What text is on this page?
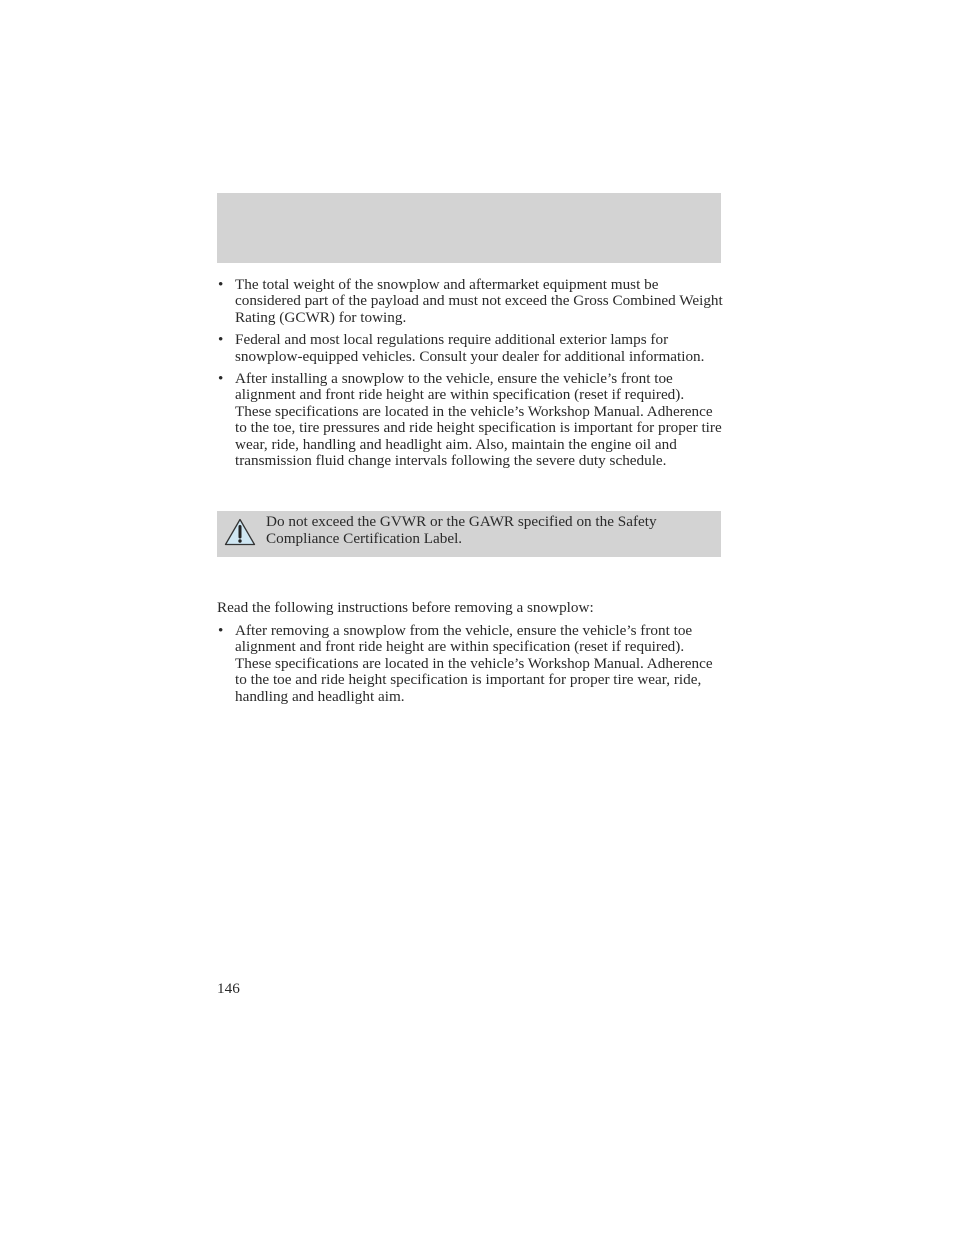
• The total weight of the snowplow and aftermarket equipment must be considered part of the payload and must not exceed the Gross Combined Weight Rating (GCWR) for towing.
• Federal and most local regulations require additional exterior lamps for snowplow-equipped vehicles. Consult your dealer for additional information.
• After installing a snowplow to the vehicle, ensure the vehicle’s front toe alignment and front ride height are within specification (reset if required). These specifications are located in the vehicle’s Workshop Manual. Adherence to the toe, tire pressures and ride height specification is important for proper tire wear, ride, handling and headlight aim. Also, maintain the engine oil and transmission fluid change intervals following the severe duty schedule.
Do not exceed the GVWR or the GAWR specified on the Safety Compliance Certification Label.
Read the following instructions before removing a snowplow:
• After removing a snowplow from the vehicle, ensure the vehicle’s front toe alignment and front ride height are within specification (reset if required). These specifications are located in the vehicle’s Workshop Manual. Adherence to the toe and ride height specification is important for proper tire wear, ride, handling and headlight aim.
146
